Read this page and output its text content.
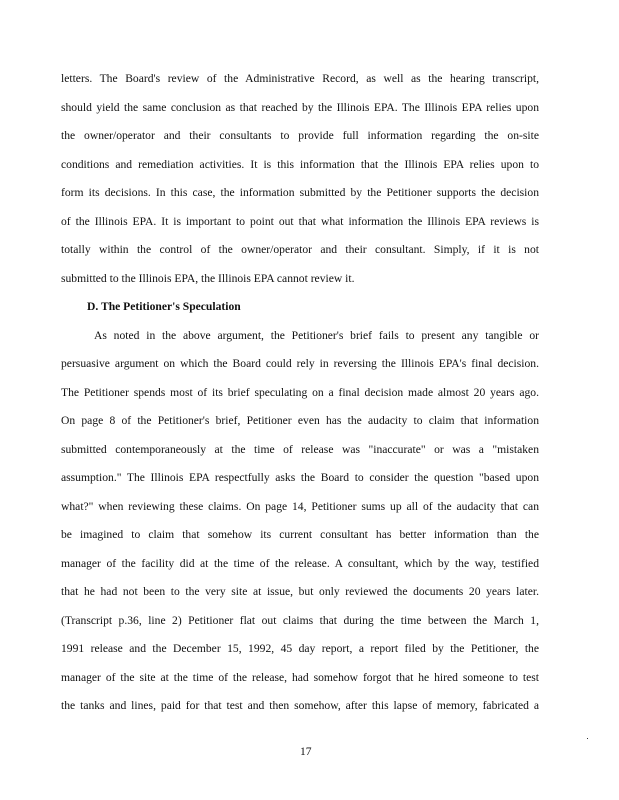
letters. The Board's review of the Administrative Record, as well as the hearing transcript,
should yield the same conclusion as that reached by the Illinois EPA. The Illinois EPA relies upon
the owner/operator and their consultants to provide full information regarding the on-site
conditions and remediation activities. It is this information that the Illinois EPA relies upon to
form its decisions. In this case, the information submitted by the Petitioner supports the decision
of the Illinois EPA. It is important to point out that what information the Illinois EPA reviews is
totally within the control of the owner/operator and their consultant. Simply, if it is not
submitted to the Illinois EPA, the Illinois EPA cannot review it.
D. The Petitioner's Speculation
As noted in the above argument, the Petitioner's brief fails to present any tangible or
persuasive argument on which the Board could rely in reversing the Illinois EPA's final decision.
The Petitioner spends most of its brief speculating on a final decision made almost 20 years ago.
On page 8 of the Petitioner's brief, Petitioner even has the audacity to claim that information
submitted contemporaneously at the time of release was "inaccurate" or was a "mistaken
assumption." The Illinois EPA respectfully asks the Board to consider the question "based upon
what?" when reviewing these claims. On page 14, Petitioner sums up all of the audacity that can
be imagined to claim that somehow its current consultant has better information than the
manager of the facility did at the time of the release. A consultant, which by the way, testified
that he had not been to the very site at issue, but only reviewed the documents 20 years later.
(Transcript p.36, line 2) Petitioner flat out claims that during the time between the March 1,
1991 release and the December 15, 1992, 45 day report, a report filed by the Petitioner, the
manager of the site at the time of the release, had somehow forgot that he hired someone to test
the tanks and lines, paid for that test and then somehow, after this lapse of memory, fabricated a
17
